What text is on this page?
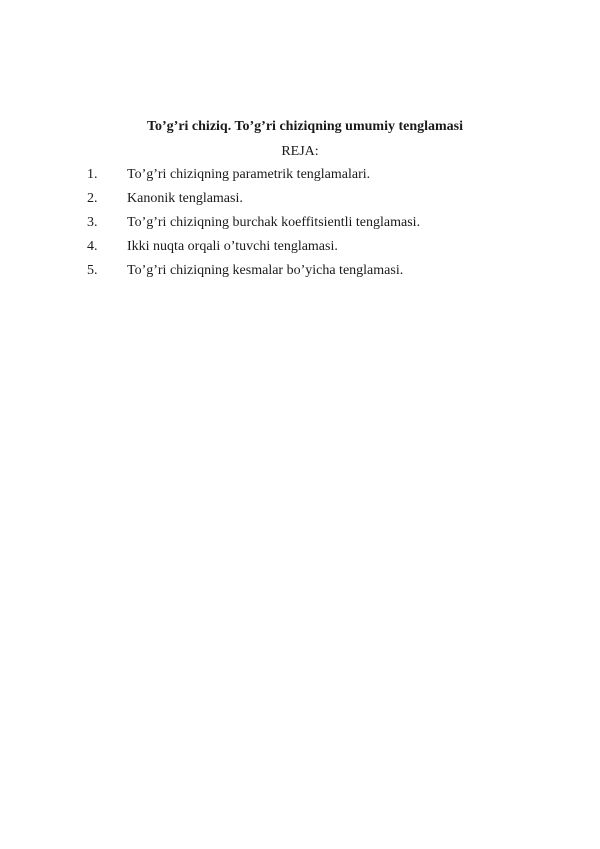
To’g’ri chiziq. To’g’ri chiziqning umumiy tenglamasi

REJA:

1. To’g’ri chiziqning parametrik tenglamalari.
2. Kanonik tenglamasi.
3. To’g’ri chiziqning burchak koeffitsientli tenglamasi.
4. Ikki nuqta orqali o’tuvchi tenglamasi.
5. To’g’ri chiziqning kesmalar bo’yicha tenglamasi.
